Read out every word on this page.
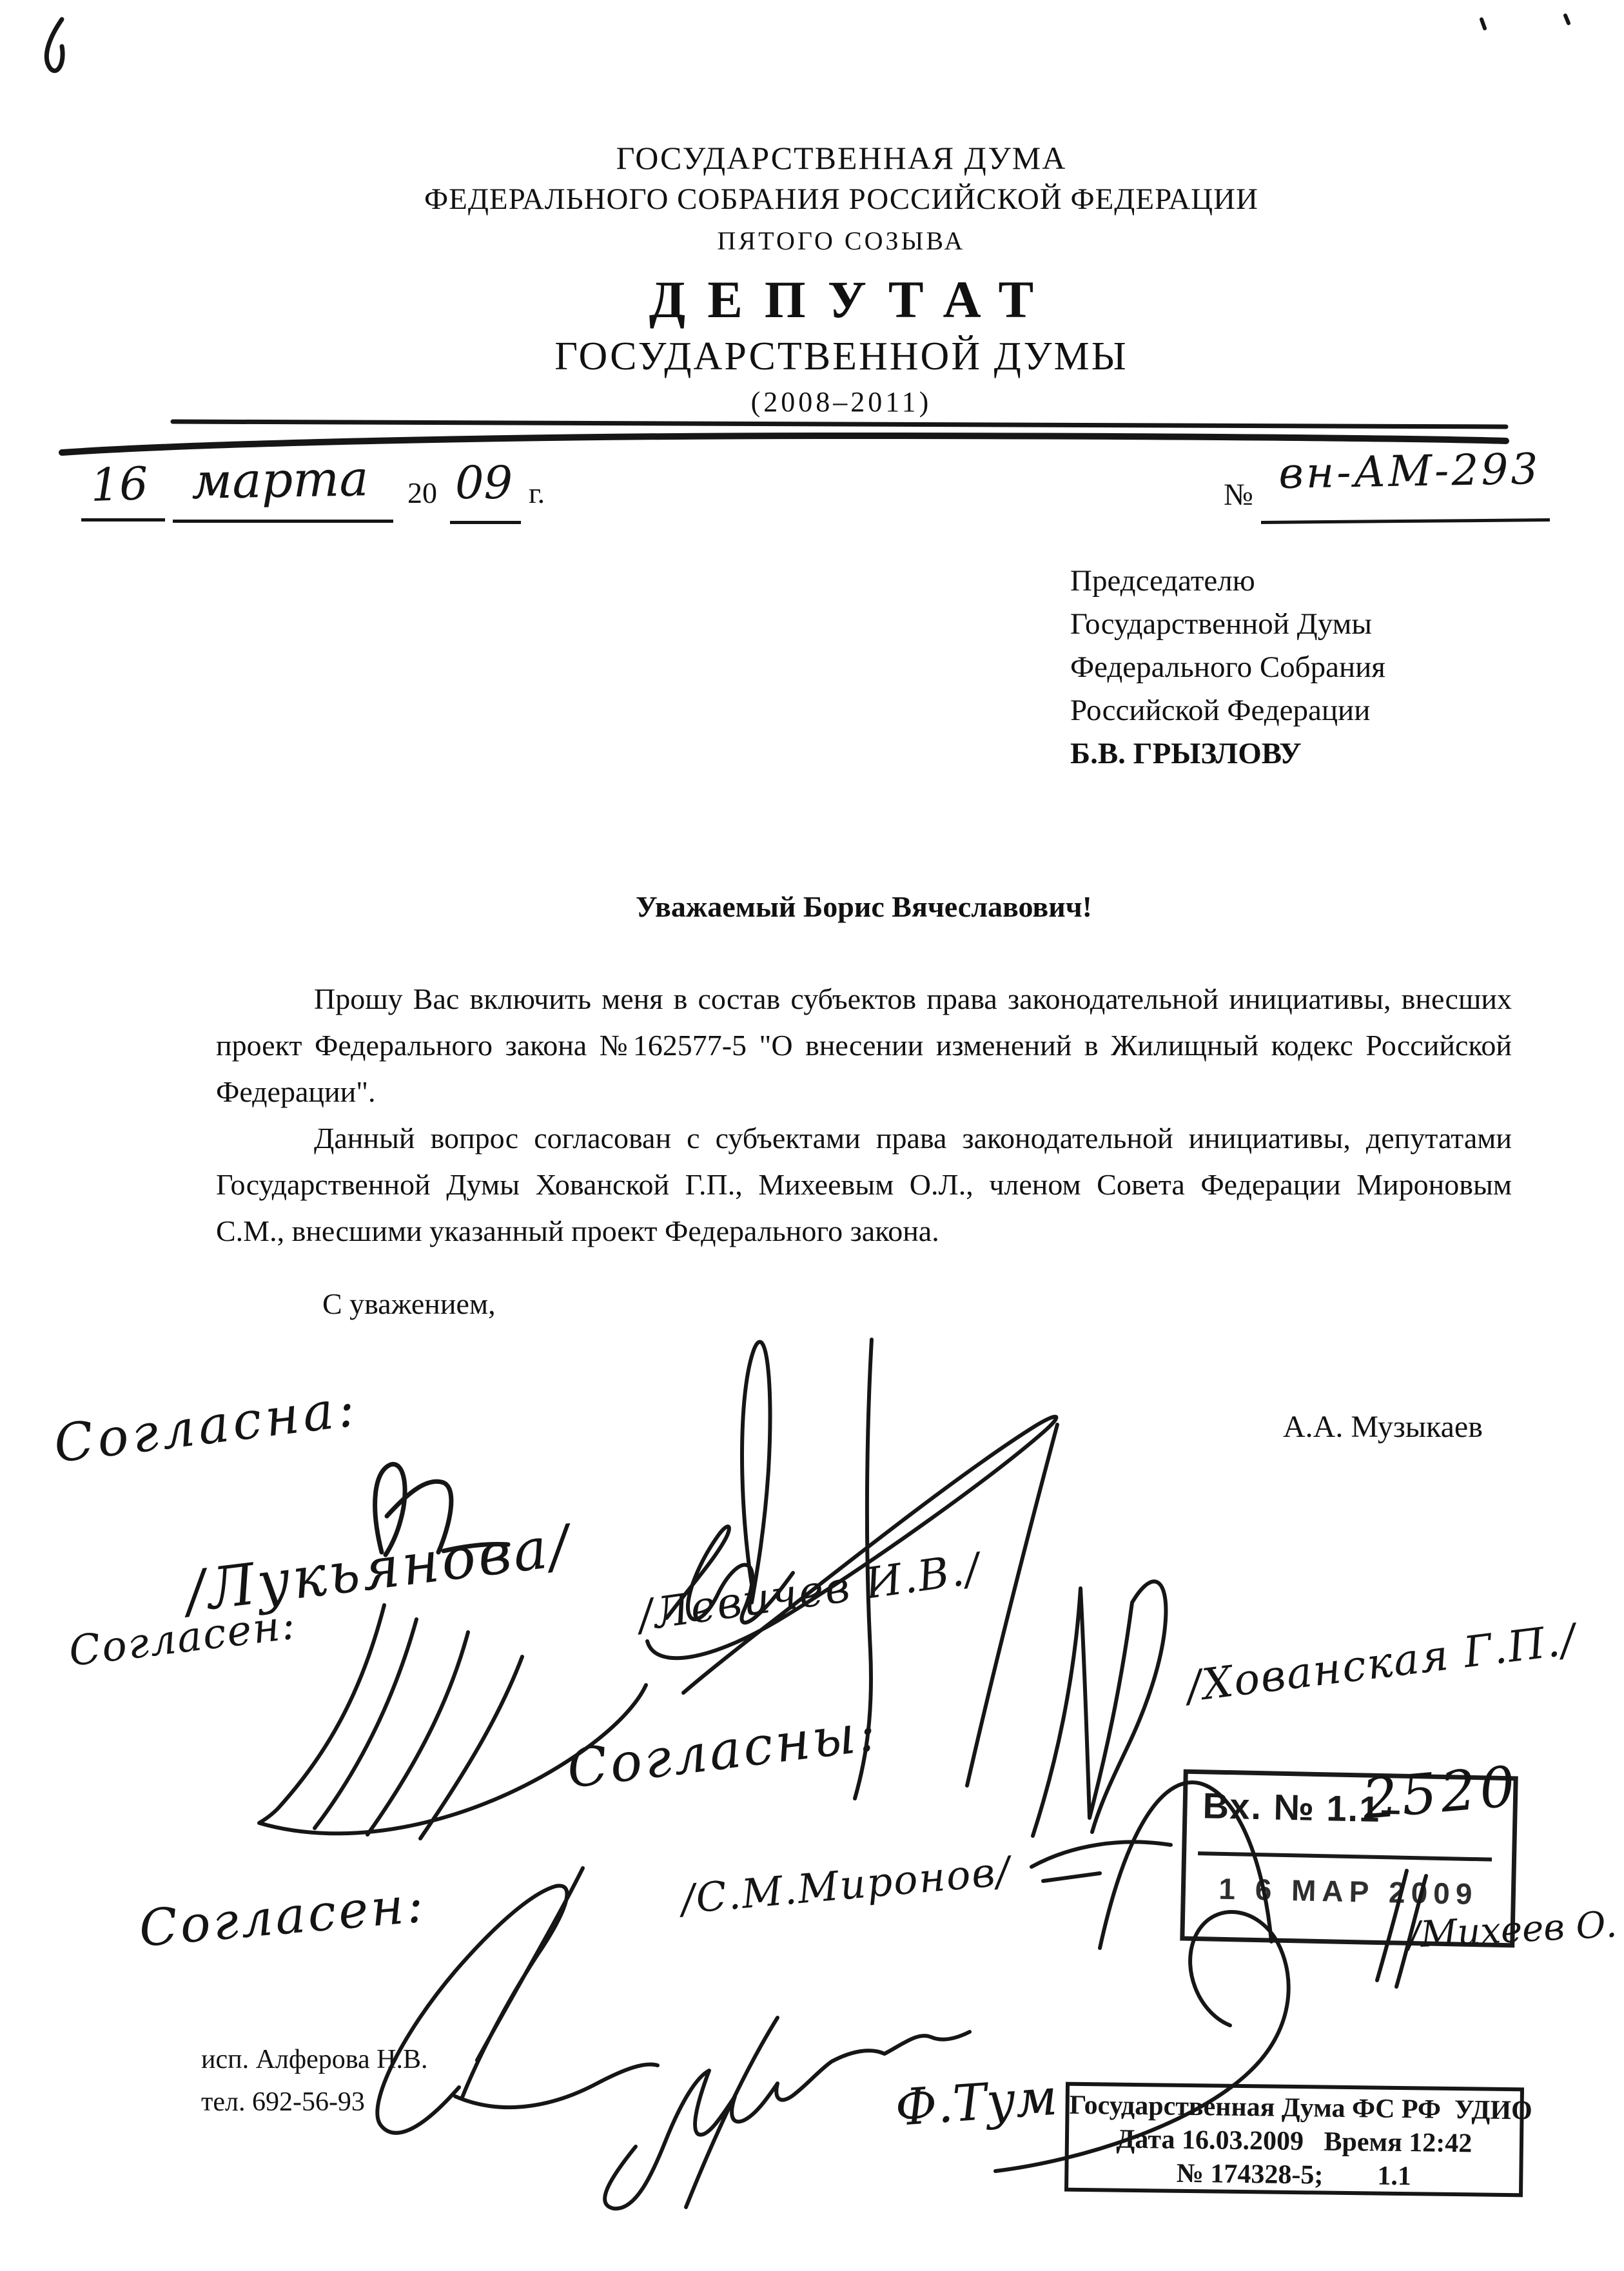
ГОСУДАРСТВЕННАЯ ДУМА
ФЕДЕРАЛЬНОГО СОБРАНИЯ РОССИЙСКОЙ ФЕДЕРАЦИИ
ПЯТОГО СОЗЫВА
ДЕПУТАТ
ГОСУДАРСТВЕННОЙ ДУМЫ
(2008–2011)
20	г.	№
Председателю
Государственной Думы
Федерального Собрания
Российской Федерации
Б.В. ГРЫЗЛОВУ
Уважаемый Борис Вячеславович!

Прошу Вас включить меня в состав субъектов права законодательной инициативы, внесших проект Федерального закона №162577-5 "О внесении изменений в Жилищный кодекс Российской Федерации".

Данный вопрос согласован с субъектами права законодательной инициативы, депутатами Государственной Думы Хованской Г.П., Михеевым О.Л., членом Совета Федерации Мироновым С.М., внесшими указанный проект Федерального закона.

С уважением,
А.А. Музыкаев
исп. Алферова Н.В.
тел. 692-56-93
Вх. № 1.1–
1 6 МАР 2009
Государственная Дума ФС РФ  УДИО
Дата 16.03.2009   Время 12:42
№ 174328-5;        1.1
16 марта 09	вн-АМ-293
Согласна:
/Лукьянова/
Согласен:	/Левичев И.В./
/Хованская Г.П./
Согласны:
Согласен:	/С.М.Миронов/
/Михеев О.
Ф.Тум
2520
